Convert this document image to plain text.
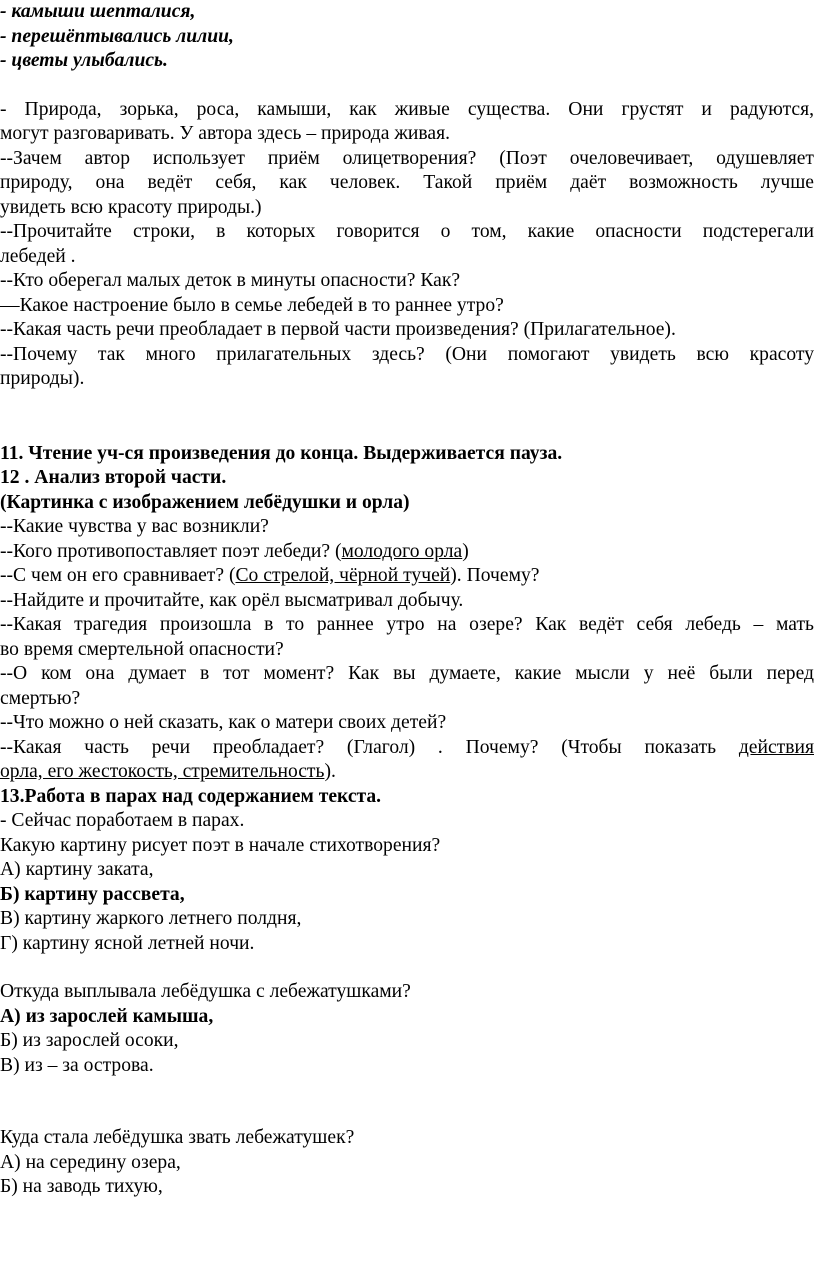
- камыши шепталися,
- перешёптывались лилии,
- цветы улыбались.
- Природа, зорька, роса, камыши, как живые существа. Они грустят и радуются,
могут разговаривать. У автора здесь – природа живая.
--Зачем автор использует приём олицетворения? (Поэт очеловечивает, одушевляет
природу, она ведёт себя, как человек. Такой приём даёт возможность лучше
увидеть всю красоту природы.)
--Прочитайте строки, в которых говорится о том, какие опасности подстерегали
лебедей .
--Кто оберегал малых деток в минуты опасности? Как?
—Какое настроение было в семье лебедей в то раннее утро?
--Какая часть речи преобладает в первой части произведения? (Прилагательное).
--Почему так много прилагательных здесь? (Они помогают увидеть всю красоту
природы).
11. Чтение уч-ся произведения до конца. Выдерживается пауза.
12 . Анализ второй части.
(Картинка с изображением лебёдушки и орла)
--Какие чувства у вас возникли?
--Кого противопоставляет поэт лебеди? (молодого орла)
--С чем он его сравнивает? (Со стрелой, чёрной тучей). Почему?
--Найдите и прочитайте, как орёл высматривал добычу.
--Какая трагедия произошла в то раннее утро на озере? Как ведёт себя лебедь – мать
во время смертельной опасности?
--О ком она думает в тот момент? Как вы думаете, какие мысли у неё были перед
смертью?
--Что можно о ней сказать, как о матери своих детей?
--Какая часть речи преобладает? (Глагол) . Почему? (Чтобы показать действия
орла, его жестокость, стремительность).
13.Работа в парах над содержанием текста.
- Сейчас поработаем в парах.
Какую картину рисует поэт в начале стихотворения?
А) картину заката,
Б) картину рассвета,
В) картину жаркого летнего полдня,
Г) картину ясной летней ночи.
Откуда выплывала лебёдушка с лебежатушками?
А) из зарослей камыша,
Б) из зарослей осоки,
В) из – за острова.
Куда стала лебёдушка звать лебежатушек?
А) на середину озера,
Б) на заводь тихую,
